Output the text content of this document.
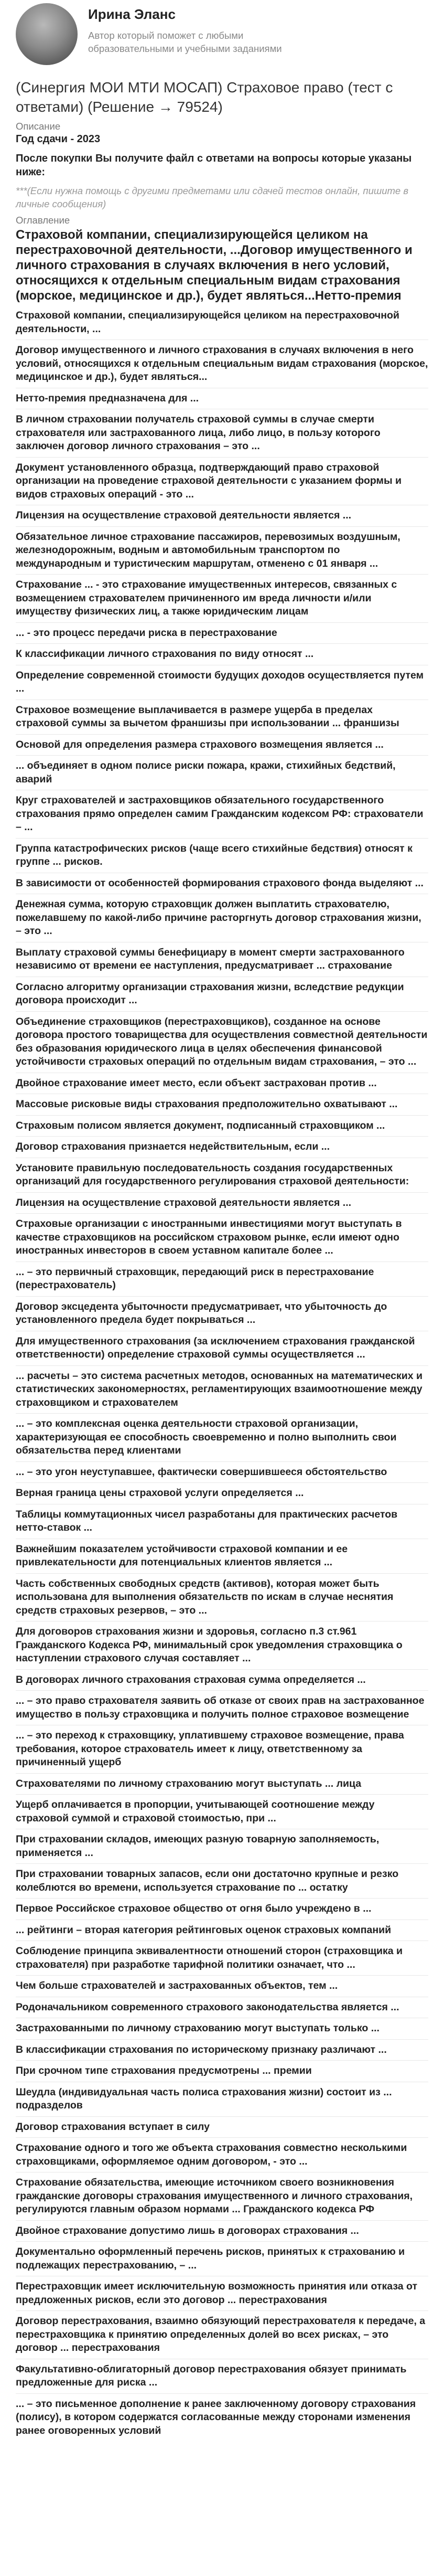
Ирина Эланс
Автор который поможет с любыми образовательными и учебными заданиями
(Синергия МОИ МТИ МОСАП) Страховое право (тест с ответами) (Решение → 79524)
Описание
Год сдачи - 2023
После покупки Вы получите файл с ответами на вопросы которые указаны ниже:
***(Если нужна помощь с другими предметами или сдачей тестов онлайн, пишите в личные сообщения)
Оглавление
Страховой компании, специализирующейся целиком на перестраховочной деятельности, ...Договор имущественного и личного страхования в случаях включения в него условий, относящихся к отдельным специальным видам страхования (морское, медицинское и др.), будет являться...Нетто-премия

Страховой компании, специализирующейся целиком на перестраховочной деятельности, ...

Договор имущественного и личного страхования в случаях включения в него условий, относящихся к отдельным специальным видам страхования (морское, медицинское и др.), будет являться...

Нетто-премия предназначена для ...

В личном страховании получатель страховой суммы в случае смерти страхователя или застрахованного лица, либо лицо, в пользу которого заключен договор личного страхования – это ...

Документ установленного образца, подтверждающий право страховой организации на проведение страховой деятельности с указанием формы и видов страховых операций - это ...

Лицензия на осуществление страховой деятельности является ...

Обязательное личное страхование пассажиров, перевозимых воздушным, железнодорожным, водным и автомобильным транспортом по международным и туристическим маршрутам, отменено с 01 января ...

Страхование ... - это страхование имущественных интересов, связанных с возмещением страхователем причиненного им вреда личности и/или имуществу физических лиц, а также юридическим лицам

... - это процесс передачи риска в перестрахование

К классификации личного страхования по виду относят ...

Определение современной стоимости будущих доходов осуществляется путем ...

Страховое возмещение выплачивается в размере ущерба в пределах страховой суммы за вычетом франшизы при использовании ... франшизы

Основой для определения размера страхового возмещения является ...

... объединяет в одном полисе риски пожара, кражи, стихийных бедствий, аварий

Круг страхователей и застраховщиков обязательного государственного страхования прямо определен самим Гражданским кодексом РФ: страхователи – ...

Группа катастрофических рисков (чаще всего стихийные бедствия) относят к группе ... рисков.

В зависимости от особенностей формирования страхового фонда выделяют ...

Денежная сумма, которую страховщик должен выплатить страхователю, пожелавшему по какой-либо причине расторгнуть договор страхования жизни, – это ...

Выплату страховой суммы бенефициару в момент смерти застрахованного независимо от времени ее наступления, предусматривает ... страхование

Согласно алгоритму организации страхования жизни, вследствие редукции договора происходит ...

Объединение страховщиков (перестраховщиков), созданное на основе договора простого товарищества для осуществления совместной деятельности без образования юридического лица в целях обеспечения финансовой устойчивости страховых операций по отдельным видам страхования, – это ...

Двойное страхование имеет место, если объект застрахован против ...

Массовые рисковые виды страхования предположительно охватывают ...

Страховым полисом является документ, подписанный страховщиком ...

Договор страхования признается недействительным, если ...

Установите правильную последовательность создания государственных организаций для государственного регулирования страховой деятельности:

Лицензия на осуществление страховой деятельности является ...

Страховые организации с иностранными инвестициями могут выступать в качестве страховщиков на российском страховом рынке, если имеют одно иностранных инвесторов в своем уставном капитале более ...

... – это первичный страховщик, передающий риск в перестрахование (перестрахователь)

Договор эксцедента убыточности предусматривает, что убыточность до установленного предела будет покрываться ...

Для имущественного страхования (за исключением страхования гражданской ответственности) определение страховой суммы осуществляется ...

... расчеты – это система расчетных методов, основанных на математических и статистических закономерностях, регламентирующих взаимоотношение между страховщиком и страхователем

... – это комплексная оценка деятельности страховой организации, характеризующая ее способность своевременно и полно выполнить свои обязательства перед клиентами

... – это угон неуступавшее, фактически совершившееся обстоятельство

Верная граница цены страховой услуги определяется ...

Таблицы коммутационных чисел разработаны для практических расчетов нетто-ставок ...

Важнейшим показателем устойчивости страховой компании и ее привлекательности для потенциальных клиентов является ...

Часть собственных свободных средств (активов), которая может быть использована для выполнения обязательств по искам в случае неснятия средств страховых резервов, – это ...

Для договоров страхования жизни и здоровья, согласно п.3 ст.961 Гражданского Кодекса РФ, минимальный срок уведомления страховщика о наступлении страхового случая составляет ...

В договорах личного страхования страховая сумма определяется ...

... – это право страхователя заявить об отказе от своих прав на застрахованное имущество в пользу страховщика и получить полное страховое возмещение

... – это переход к страховщику, уплатившему страховое возмещение, права требования, которое страхователь имеет к лицу, ответственному за причиненный ущерб

Страхователями по личному страхованию могут выступать ... лица

Ущерб оплачивается в пропорции, учитывающей соотношение между страховой суммой и страховой стоимостью, при ...

При страховании складов, имеющих разную товарную заполняемость, применяется ...

При страховании товарных запасов, если они достаточно крупные и резко колеблются во времени, используется страхование по ... остатку

Первое Российское страховое общество от огня было учреждено в ...

... рейтинги – вторая категория рейтинговых оценок страховых компаний

Соблюдение принципа эквивалентности отношений сторон (страховщика и страхователя) при разработке тарифной политики означает, что ...

Чем больше страхователей и застрахованных объектов, тем ...

Родоначальником современного страхового законодательства является ...

Застрахованными по личному страхованию могут выступать только ...

В классификации страхования по историческому признаку различают ...

При срочном типе страхования предусмотрены ... премии

Шеудла (индивидуальная часть полиса страхования жизни) состоит из ... подразделов

Договор страхования вступает в силу

Страхование одного и того же объекта страхования совместно несколькими страховщиками, оформляемое одним договором, - это ...

Страхование обязательства, имеющие источником своего возникновения гражданские договоры страхования имущественного и личного страхования, регулируются главным образом нормами ... Гражданского кодекса РФ

Двойное страхование допустимо лишь в договорах страхования ...

Документально оформленный перечень рисков, принятых к страхованию и подлежащих перестрахованию, – ...

Перестраховщик имеет исключительную возможность принятия или отказа от предложенных рисков, если это договор ... перестрахования

Договор перестрахования, взаимно обязующий перестрахователя к передаче, а перестраховщика к принятию определенных долей во всех рисках, – это договор ... перестрахования

Факультативно-облигаторный договор перестрахования обязует принимать предложенные для риска ...

... – это письменное дополнение к ранее заключенному договору страхования (полису), в котором содержатся согласованные между сторонами изменения ранее оговоренных условий
